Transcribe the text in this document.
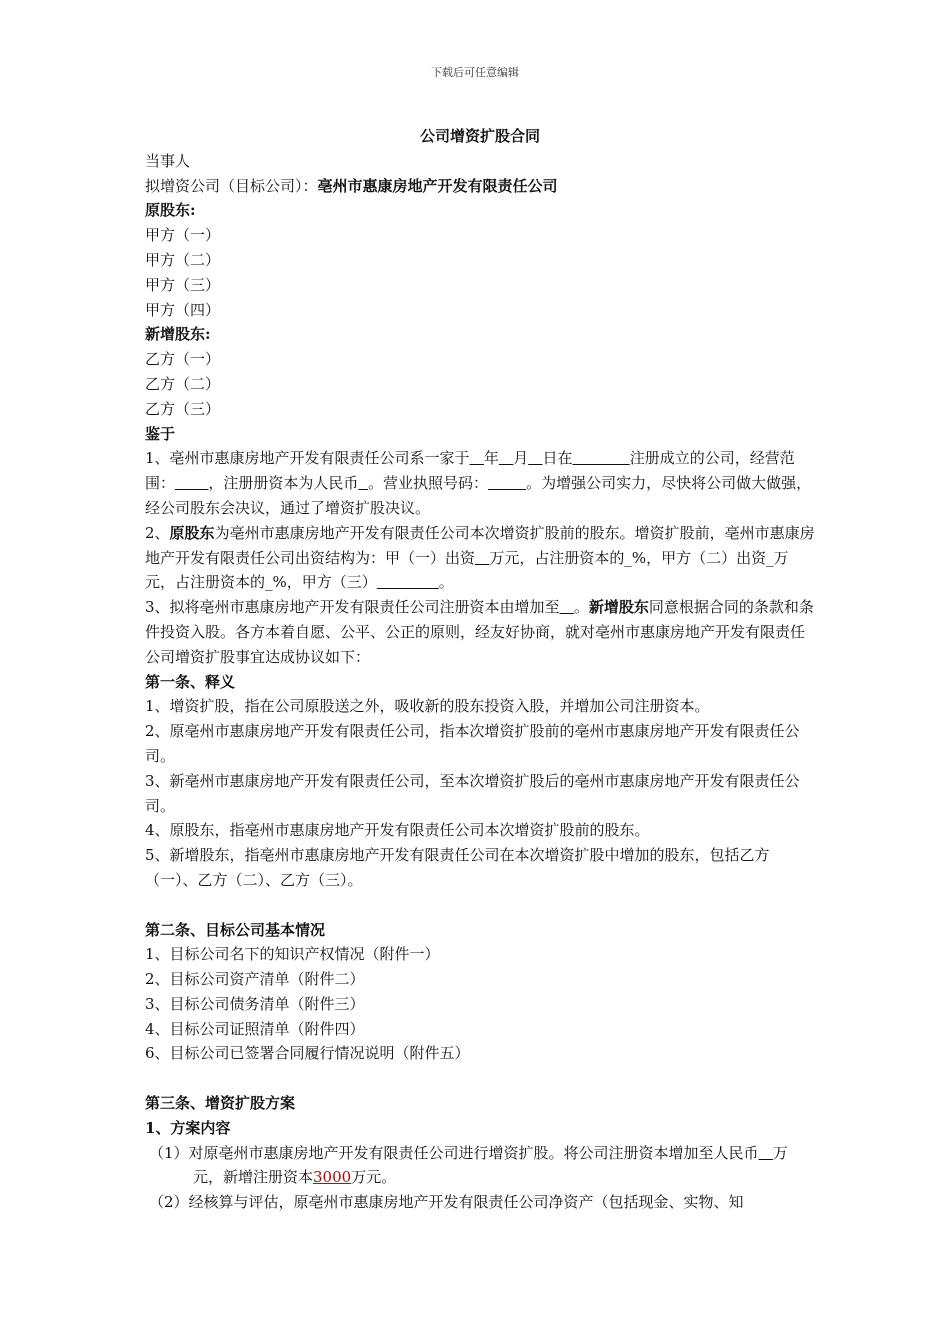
下载后可任意编辑

公司增资扩股合同

当事人

拟增资公司（目标公司）：亳州市惠康房地产开发有限责任公司

原股东:

甲方（一）

甲方（二）

甲方（三）

甲方（四）

新增股东:

乙方（一）

乙方（二）

乙方（三）

鉴于

1、亳州市惠康房地产开发有限责任公司系一家于 年 月 日在	注册成立的公司，经营范围： ，注册册资本为人民币 。营业执照号码：	。为增强公司实力，尽快将公司做大做强，经公司股东会决议，通过了增资扩股决议。

2、原股东为亳州市惠康房地产开发有限责任公司本次增资扩股前的股东。增资扩股前，亳州市惠康房地产开发有限责任公司出资结构为：甲（一）出资 万元，占注册资本的_%，甲方（二）出资_万元，占注册资本的_%，甲方（三）	。

3、拟将亳州市惠康房地产开发有限责任公司注册资本由增加至 。新增股东同意根据合同的条款和条件投资入股。各方本着自愿、公平、公正的原则，经友好协商，就对亳州市惠康房地产开发有限责任公司增资扩股事宜达成协议如下：

第一条、释义

1、增资扩股，指在公司原股送之外，吸收新的股东投资入股，并增加公司注册资本。

2、原亳州市惠康房地产开发有限责任公司，指本次增资扩股前的亳州市惠康房地产开发有限责任公司。

3、新亳州市惠康房地产开发有限责任公司，至本次增资扩股后的亳州市惠康房地产开发有限责任公司。

4、原股东，指亳州市惠康房地产开发有限责任公司本次增资扩股前的股东。

5、新增股东，指亳州市惠康房地产开发有限责任公司在本次增资扩股中增加的股东，包括乙方（一）、乙方（二）、乙方（三）。

第二条、目标公司基本情况

1、目标公司名下的知识产权情况（附件一）

2、目标公司资产清单（附件二）

3、目标公司债务清单（附件三）

4、目标公司证照清单（附件四）

6、目标公司已签署合同履行情况说明（附件五）

第三条、增资扩股方案

1、方案内容

（1）对原亳州市惠康房地产开发有限责任公司进行增资扩股。将公司注册资本增加至人民币 万元，新增注册资本3000万元。

（2）经核算与评估，原亳州市惠康房地产开发有限责任公司净资产（包括现金、实物、知
